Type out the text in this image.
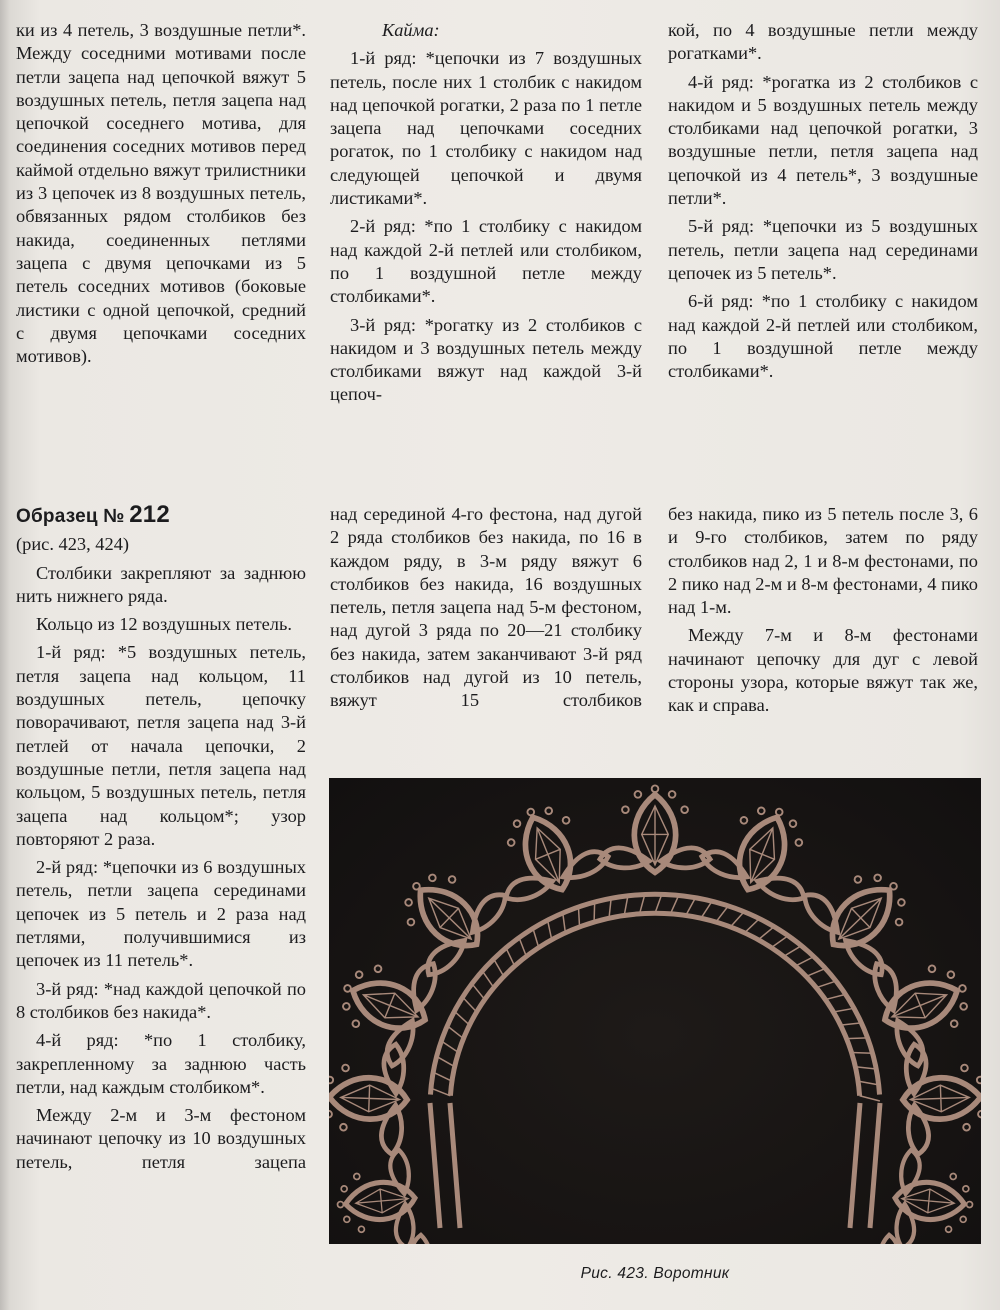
ки из 4 петель, 3 воздушные петли*. Между соседними мотивами после петли зацепа над цепочкой вяжут 5 воздушных петель, петля зацепа над цепочкой соседнего мотива, для соединения соседних мотивов перед каймой отдельно вяжут трилистники из 3 цепочек из 8 воздушных петель, обвязанных рядом столбиков без накида, соединенных петлями зацепа с двумя цепочками из 5 петель соседних мотивов (боковые листики с одной цепочкой, средний с двумя цепочками соседних мотивов).

Кайма:

1-й ряд: *цепочки из 7 воздушных петель, после них 1 столбик с накидом над цепочкой рогатки, 2 раза по 1 петле зацепа над цепочками соседних рогаток, по 1 столбику с накидом над следующей цепочкой и двумя листиками*.

2-й ряд: *по 1 столбику с накидом над каждой 2-й петлей или столбиком, по 1 воздушной петле между столбиками*.

3-й ряд: *рогатку из 2 столбиков с накидом и 3 воздушных петель между столбиками вяжут над каждой 3-й цепоч-

кой, по 4 воздушные петли между рогатками*.

4-й ряд: *рогатка из 2 столбиков с накидом и 5 воздушных петель между столбиками над цепочкой рогатки, 3 воздушные петли, петля зацепа над цепочкой из 4 петель*, 3 воздушные петли*.

5-й ряд: *цепочки из 5 воздушных петель, петли зацепа над серединами цепочек из 5 петель*.

6-й ряд: *по 1 столбику с накидом над каждой 2-й петлей или столбиком, по 1 воздушной петле между столбиками*.

Образец № 212

(рис. 423, 424)

Столбики закрепляют за заднюю нить нижнего ряда.

Кольцо из 12 воздушных петель.

1-й ряд: *5 воздушных петель, петля зацепа над кольцом, 11 воздушных петель, цепочку поворачивают, петля зацепа над 3-й петлей от начала цепочки, 2 воздушные петли, петля зацепа над кольцом, 5 воздушных петель, петля зацепа над кольцом*; узор повторяют 2 раза.

2-й ряд: *цепочки из 6 воздушных петель, петли зацепа серединами цепочек из 5 петель и 2 раза над петлями, получившимися из цепочек из 11 петель*.

3-й ряд: *над каждой цепочкой по 8 столбиков без накида*.

4-й ряд: *по 1 столбику, закрепленному за заднюю часть петли, над каждым столбиком*.

Между 2-м и 3-м фестоном начинают цепочку из 10 воздушных петель, петля зацепа

над серединой 4-го фестона, над дугой 2 ряда столбиков без накида, по 16 в каждом ряду, в 3-м ряду вяжут 6 столбиков без накида, 16 воздушных петель, петля зацепа над 5-м фестоном, над дугой 3 ряда по 20—21 столбику без накида, затем заканчивают 3-й ряд столбиков над дугой из 10 петель, вяжут 15 столбиков

без накида, пико из 5 петель после 3, 6 и 9-го столбиков, затем по ряду столбиков над 2, 1 и 8-м фестонами, по 2 пико над 2-м и 8-м фестонами, 4 пико над 1-м.

Между 7-м и 8-м фестонами начинают цепочку для дуг с левой стороны узора, которые вяжут так же, как и справа.

Рис. 423. Воротник
